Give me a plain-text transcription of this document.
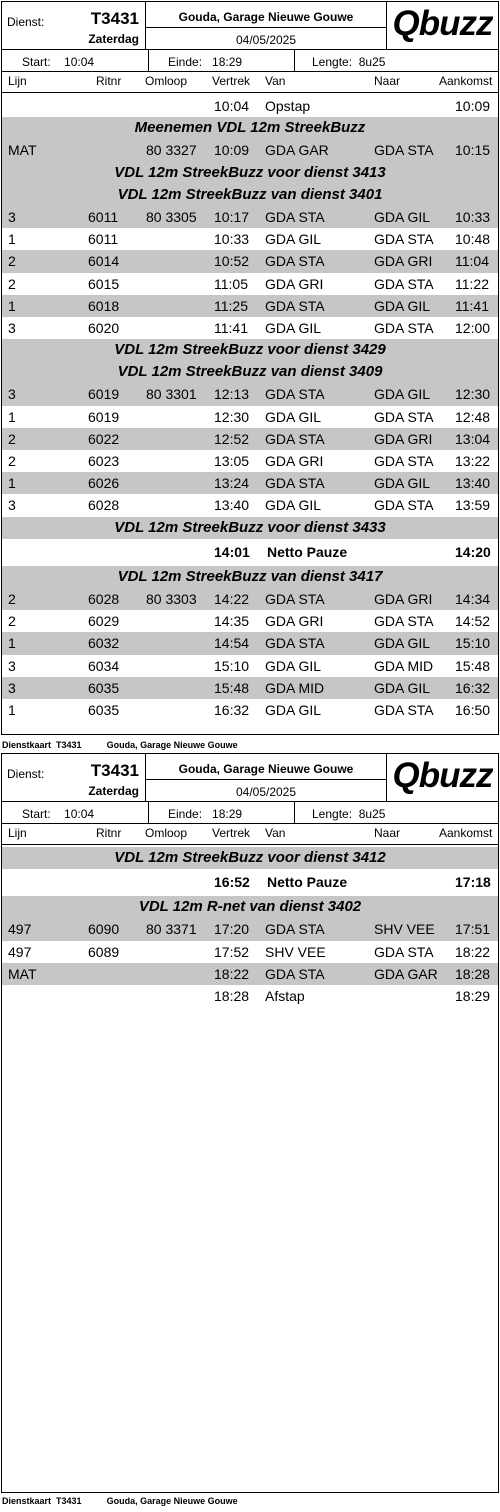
Dienst:	T3431
Zaterdag
Gouda, Garage Nieuwe Gouwe
04/05/2025	Qbuzz
Start: 10:04	Einde: 18:29	Lengte: 8u25
Lijn	Ritnr Omloop Vertrek Van	Naar	Aankomst
10:04 Opstap	10:09
Meenemen VDL 12m StreekBuzz
MAT	80 3327 10:09 GDA GAR	GDA STA 10:15
VDL 12m StreekBuzz voor dienst 3413
VDL 12m StreekBuzz van dienst 3401
3	6011 80 3305 10:17 GDA STA	GDA GIL 10:33
1	6011	10:33 GDA GIL	GDA STA 10:48
2	6014	10:52 GDA STA	GDA GRI 11:04
2	6015	11:05 GDA GRI	GDA STA 11:22
1	6018	11:25 GDA STA	GDA GIL 11:41
3	6020	11:41 GDA GIL	GDA STA 12:00
VDL 12m StreekBuzz voor dienst 3429
VDL 12m StreekBuzz van dienst 3409
3	6019 80 3301 12:13 GDA STA	GDA GIL 12:30
1	6019	12:30 GDA GIL	GDA STA 12:48
2	6022	12:52 GDA STA	GDA GRI 13:04
2	6023	13:05 GDA GRI	GDA STA 13:22
1	6026	13:24 GDA STA	GDA GIL 13:40
3	6028	13:40 GDA GIL	GDA STA 13:59
VDL 12m StreekBuzz voor dienst 3433
14:01 Netto Pauze	14:20
VDL 12m StreekBuzz van dienst 3417
2	6028 80 3303 14:22 GDA STA	GDA GRI 14:34
2	6029	14:35 GDA GRI	GDA STA 14:52
1	6032	14:54 GDA STA	GDA GIL 15:10
3	6034	15:10 GDA GIL	GDA MID 15:48
3	6035	15:48 GDA MID	GDA GIL 16:32
1	6035	16:32 GDA GIL	GDA STA 16:50
Dienstkaart T3431	Gouda, Garage Nieuwe Gouwe
Dienst:	T3431
Zaterdag
Gouda, Garage Nieuwe Gouwe
04/05/2025	Qbuzz
Start: 10:04	Einde: 18:29	Lengte: 8u25
Lijn	Ritnr Omloop Vertrek Van	Naar	Aankomst
VDL 12m StreekBuzz voor dienst 3412
16:52 Netto Pauze	17:18
VDL 12m R-net van dienst 3402
497	6090 80 3371 17:20 GDA STA	SHV VEE 17:51
497	6089	17:52 SHV VEE	GDA STA 18:22
MAT	18:22 GDA STA	GDA GAR 18:28
18:28 Afstap	18:29
Dienstkaart T3431	Gouda, Garage Nieuwe Gouwe
